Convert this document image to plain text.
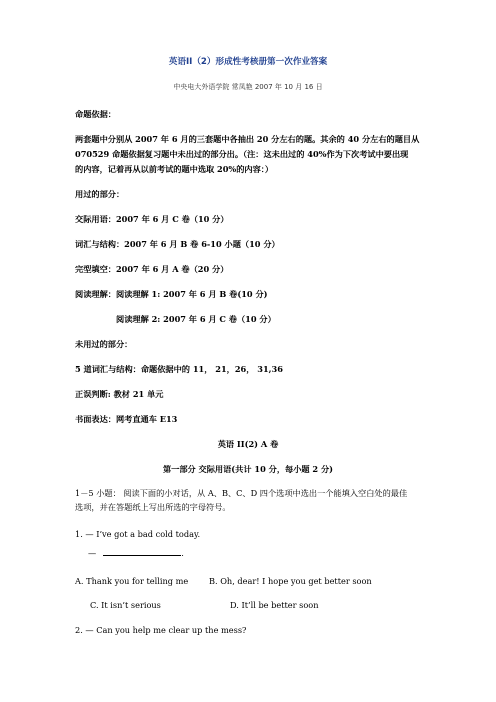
英语II（2）形成性考核册第一次作业答案
中央电大外语学院 常凤艳 2007 年 10 月 16 日
命题依据：
两套题中分别从 2007 年 6 月的三套题中各抽出 20 分左右的题。其余的 40 分左右的题目从
070529 命题依据复习题中未出过的部分出。（注：这未出过的 40%作为下次考试中要出现
的内容，记着再从以前考试的题中选取 20%的内容：）
用过的部分：
交际用语：2007 年 6 月 C 卷（10 分）
词汇与结构：2007 年 6 月 B 卷 6-10 小题（10 分）
完型填空：2007 年 6 月 A 卷（20 分）
阅读理解：阅读理解 1: 2007 年 6 月 B 卷(10 分)
阅读理解 2: 2007 年 6 月 C 卷（10 分）
未用过的部分：
5 道词汇与结构：命题依据中的 11， 21，26， 31,36
正误判断: 教材 21 单元
书面表达：网考直通车 E13
英语 II(2) A 卷
第一部分 交际用语(共计 10 分，每小题 2 分)
1－5 小题： 阅读下面的小对话，从 A、B、C、D 四个选项中选出一个能填入空白处的最佳
选项，并在答题纸上写出所选的字母符号。
1. — I’ve got a bad cold today.
—	.
A. Thank you for telling me	B. Oh, dear! I hope you get better soon
C. It isn’t serious	D. It’ll be better soon
2. — Can you help me clear up the mess?
